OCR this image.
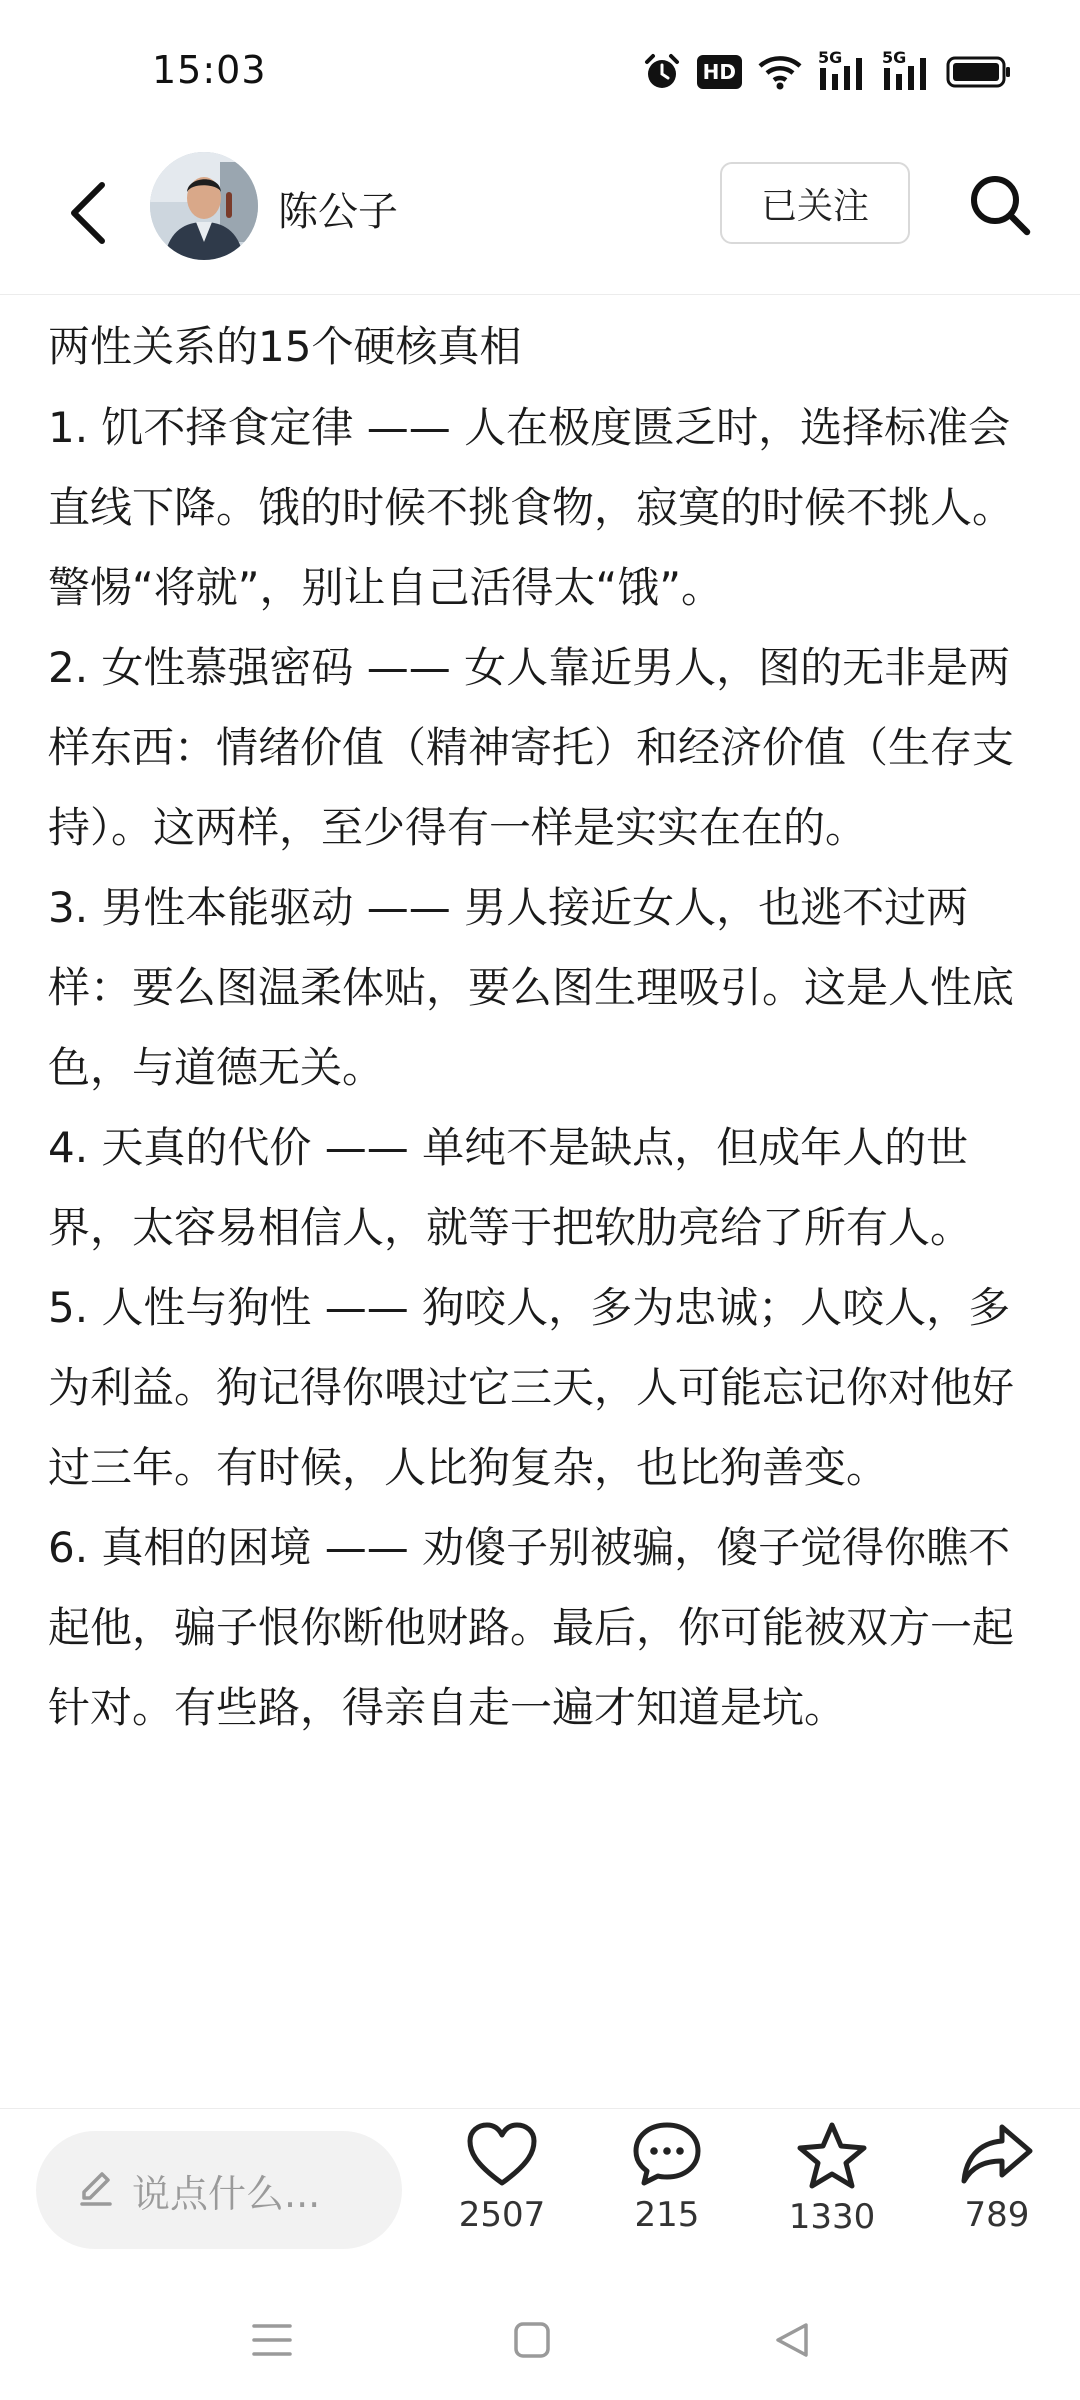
15:03	HD
5G 5G
陈公子	已关注

两性关系的15个硬核真相

1. 饥不择食定律 —— 人在极度匮乏时，选择标准会直线下降。饿的时候不挑食物，寂寞的时候不挑人。警惕“将就”，别让自己活得太“饿”。

2. 女性慕强密码 —— 女人靠近男人，图的无非是两样东西：情绪价值（精神寄托）和经济价值（生存支持）。这两样，至少得有一样是实实在在的。

3. 男性本能驱动 —— 男人接近女人，也逃不过两样：要么图温柔体贴，要么图生理吸引。这是人性底色，与道德无关。

4. 天真的代价 —— 单纯不是缺点，但成年人的世界，太容易相信人，就等于把软肋亮给了所有人。

5. 人性与狗性 —— 狗咬人，多为忠诚；人咬人，多为利益。狗记得你喂过它三天，人可能忘记你对他好过三年。有时候，人比狗复杂，也比狗善变。

6. 真相的困境 —— 劝傻子别被骗，傻子觉得你瞧不起他，骗子恨你断他财路。最后，你可能被双方一起针对。有些路，得亲自走一遍才知道是坑。

说点什么...	2507	215	1330	789
